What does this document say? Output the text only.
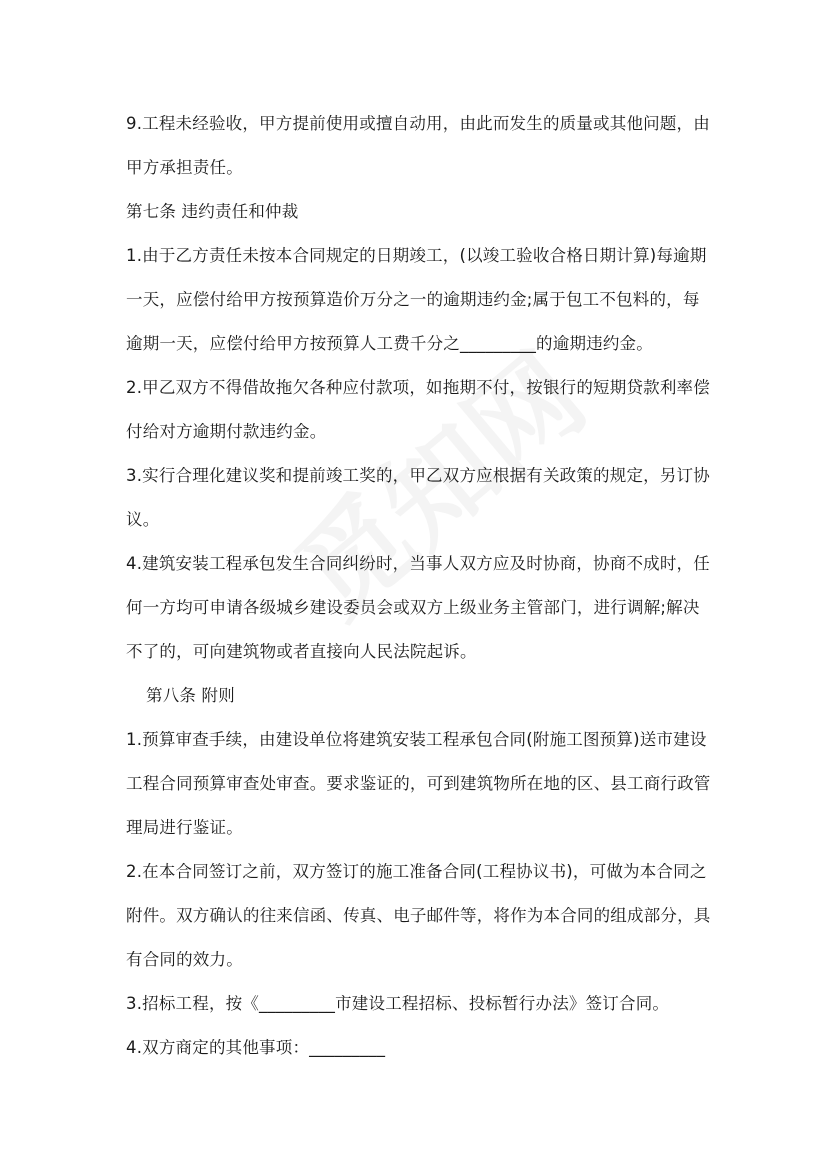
9.工程未经验收，甲方提前使用或擅自动用，由此而发生的质量或其他问题，由
甲方承担责任。
第七条 违约责任和仲裁
1.由于乙方责任未按本合同规定的日期竣工，(以竣工验收合格日期计算)每逾期
一天，应偿付给甲方按预算造价万分之一的逾期违约金;属于包工不包料的，每
逾期一天，应偿付给甲方按预算人工费千分之_________的逾期违约金。
2.甲乙双方不得借故拖欠各种应付款项，如拖期不付，按银行的短期贷款利率偿
付给对方逾期付款违约金。
3.实行合理化建议奖和提前竣工奖的，甲乙双方应根据有关政策的规定，另订协
议。
4.建筑安装工程承包发生合同纠纷时，当事人双方应及时协商，协商不成时，任
何一方均可申请各级城乡建设委员会或双方上级业务主管部门，进行调解;解决
不了的，可向建筑物或者直接向人民法院起诉。
第八条 附则
1.预算审查手续，由建设单位将建筑安装工程承包合同(附施工图预算)送市建设
工程合同预算审查处审查。要求鉴证的，可到建筑物所在地的区、县工商行政管
理局进行鉴证。
2.在本合同签订之前，双方签订的施工准备合同(工程协议书)，可做为本合同之
附件。双方确认的往来信函、传真、电子邮件等，将作为本合同的组成部分，具
有合同的效力。
3.招标工程，按《_________市建设工程招标、投标暂行办法》签订合同。
4.双方商定的其他事项：_________
